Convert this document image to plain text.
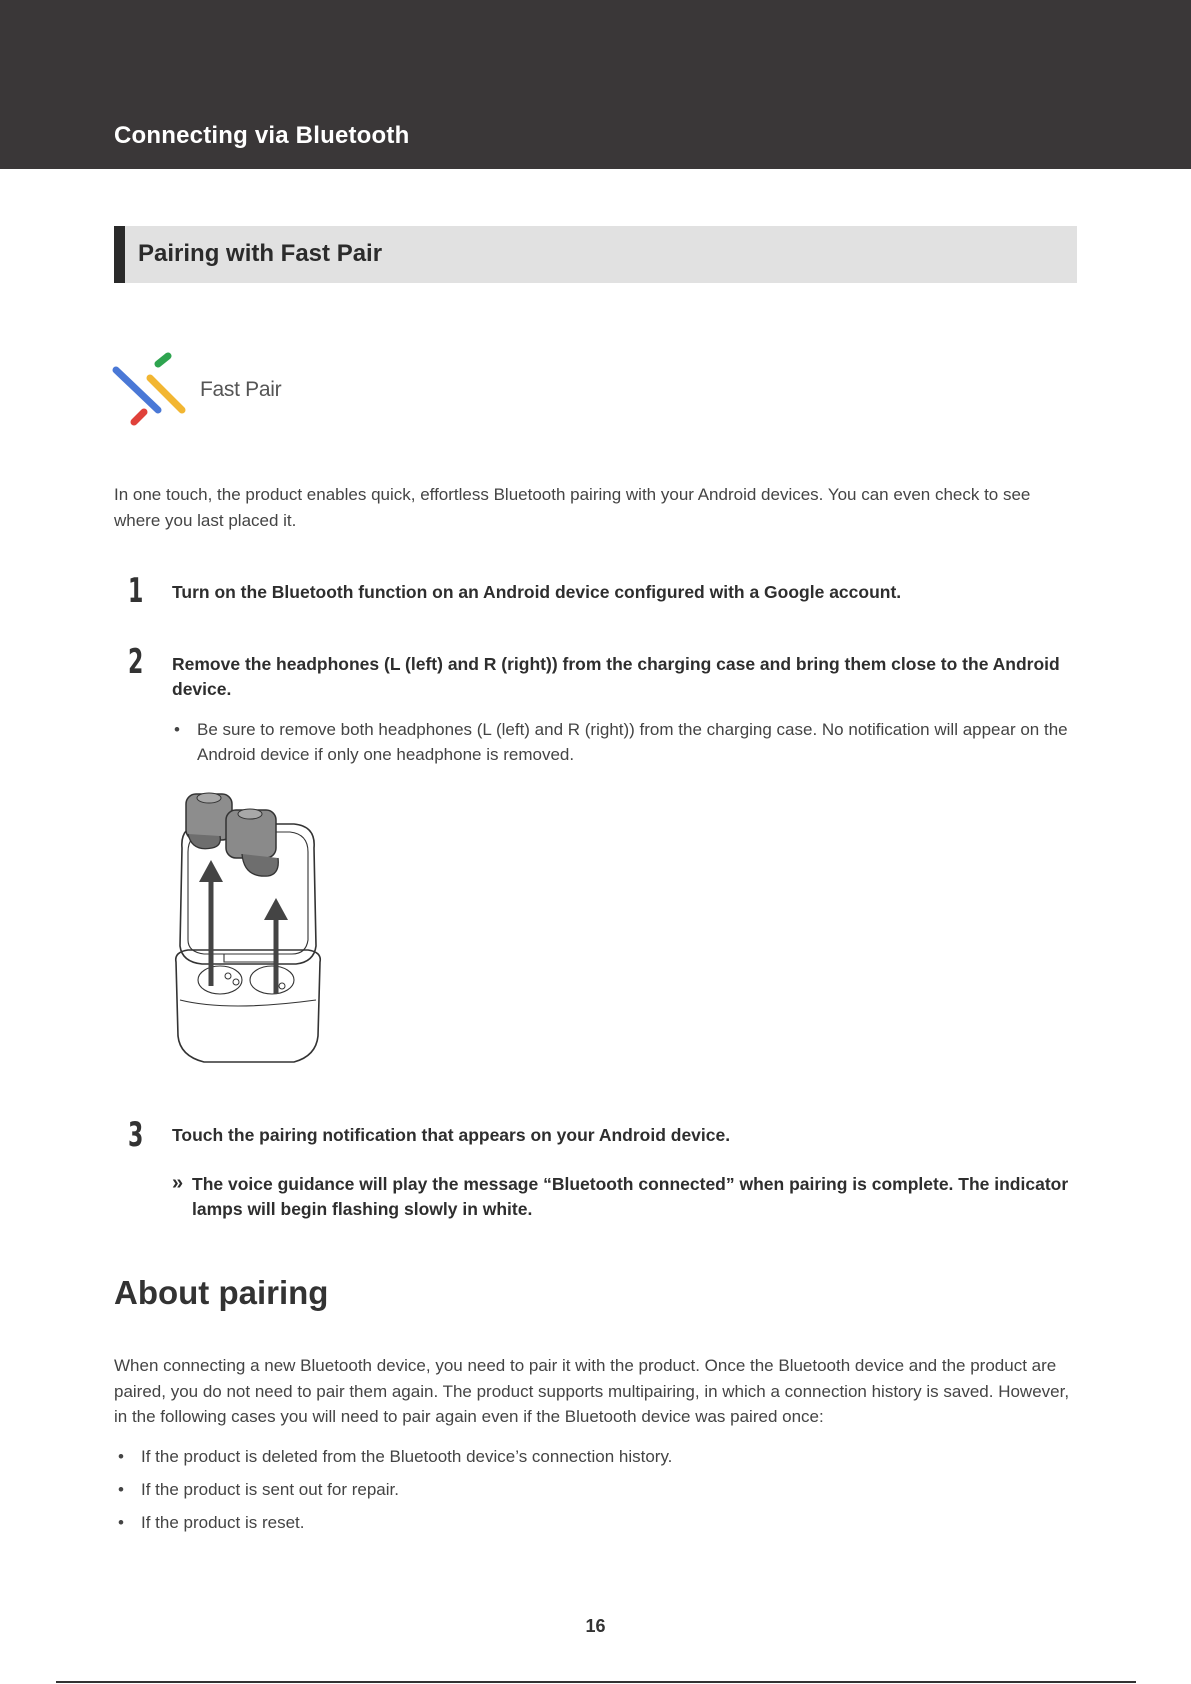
Connecting via Bluetooth
Pairing with Fast Pair
Fast Pair
In one touch, the product enables quick, effortless Bluetooth pairing with your Android devices. You can even check to see where you last placed it.
1 Turn on the Bluetooth function on an Android device configured with a Google account.
2 Remove the headphones (L (left) and R (right)) from the charging case and bring them close to the Android device.
• Be sure to remove both headphones (L (left) and R (right)) from the charging case. No notification will appear on the Android device if only one headphone is removed.
3 Touch the pairing notification that appears on your Android device.
» The voice guidance will play the message “Bluetooth connected” when pairing is complete. The indicator lamps will begin flashing slowly in white.
About pairing
When connecting a new Bluetooth device, you need to pair it with the product. Once the Bluetooth device and the product are paired, you do not need to pair them again. The product supports multipairing, in which a connection history is saved. However, in the following cases you will need to pair again even if the Bluetooth device was paired once:
• If the product is deleted from the Bluetooth device’s connection history.
• If the product is sent out for repair.
• If the product is reset.
16
